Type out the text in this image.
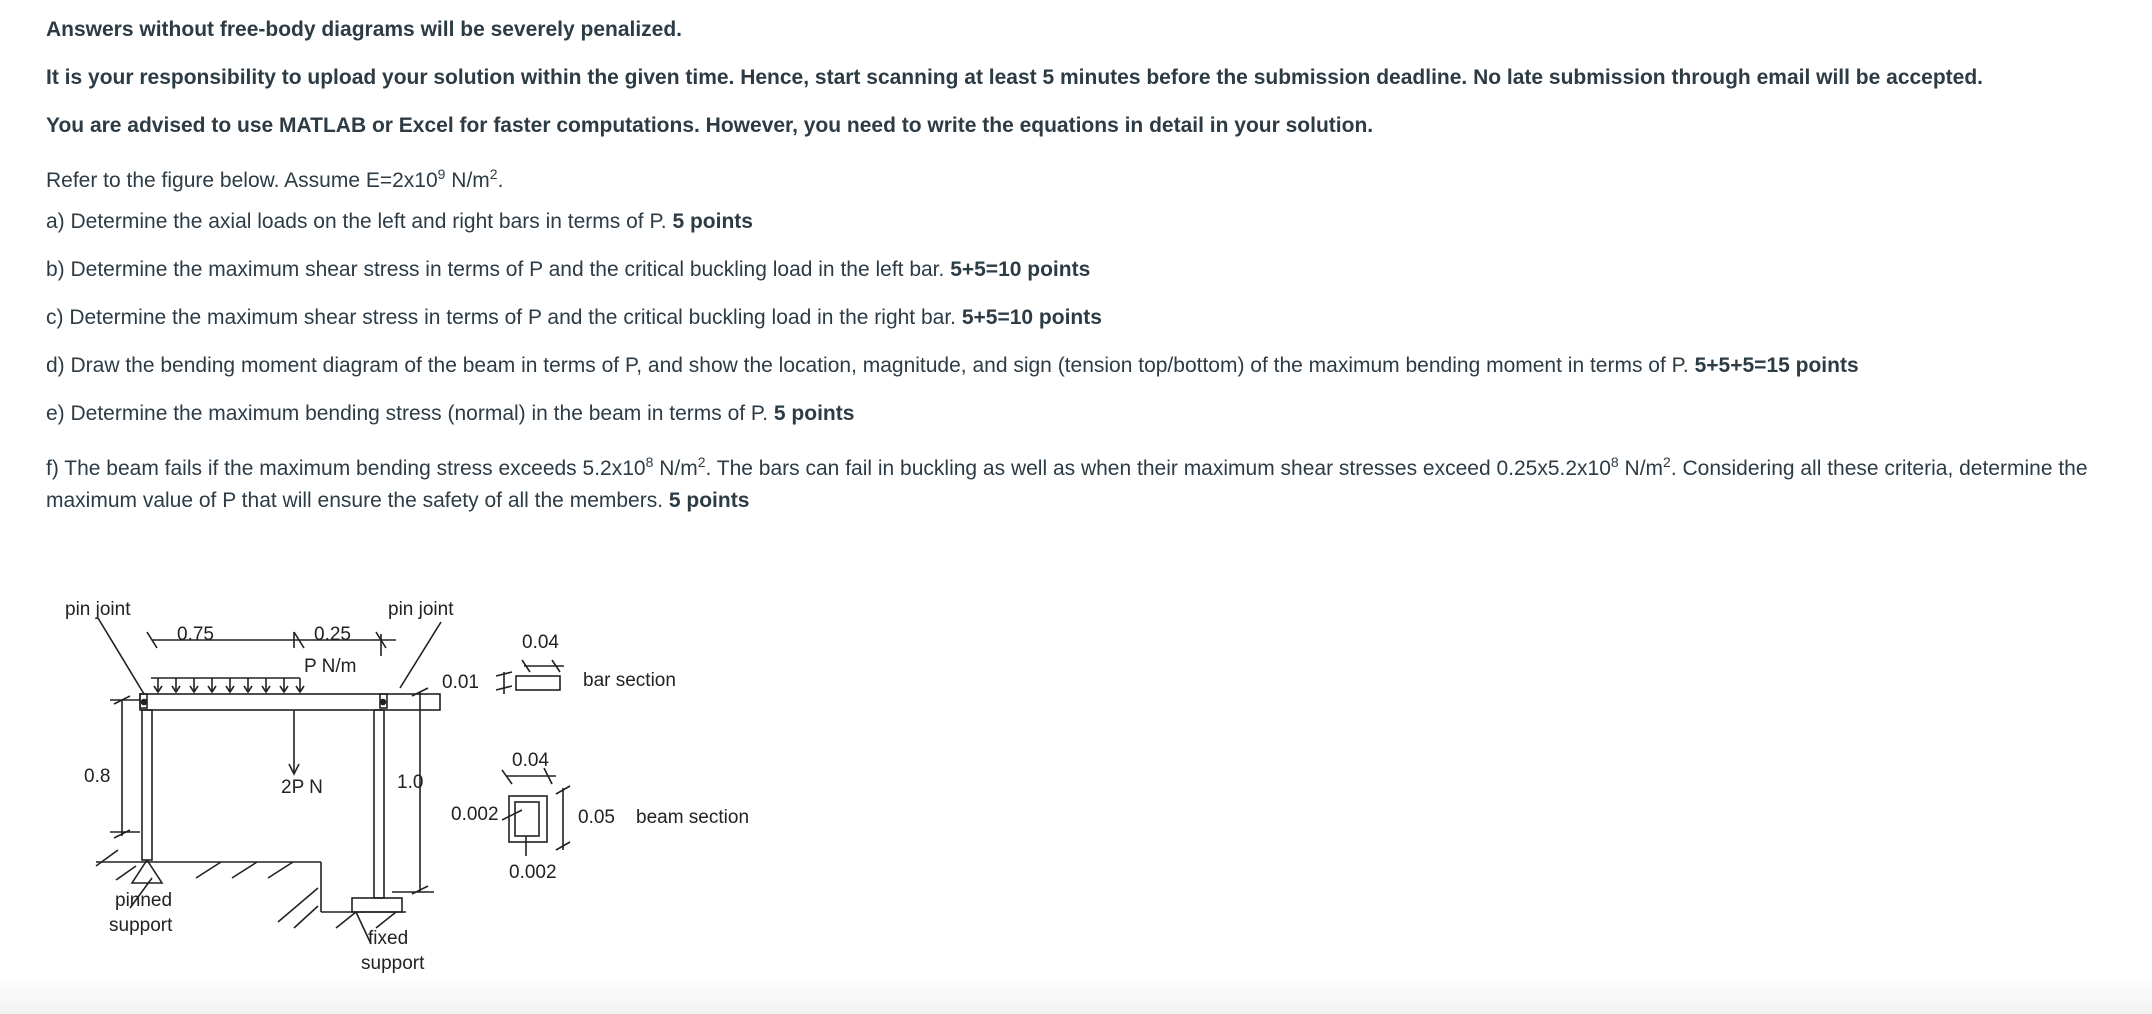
Answers without free-body diagrams will be severely penalized.

It is your responsibility to upload your solution within the given time. Hence, start scanning at least 5 minutes before the submission deadline. No late submission through email will be accepted.

You are advised to use MATLAB or Excel for faster computations. However, you need to write the equations in detail in your solution.

Refer to the figure below. Assume $E=2x10^9$ $N/m^2$.

a) Determine the axial loads on the left and right bars in terms of P. 5 points

b) Determine the maximum shear stress in terms of P and the critical buckling load in the left bar. 5+5=10 points

c) Determine the maximum shear stress in terms of P and the critical buckling load in the right bar. 5+5=10 points

d) Draw the bending moment diagram of the beam in terms of P, and show the location, magnitude, and sign (tension top/bottom) of the maximum bending moment in terms of P. 5+5+5=15 points

e) Determine the maximum bending stress (normal) in the beam in terms of P. 5 points

f) The beam fails if the maximum bending stress exceeds $5.2x10^8$ $N/m^2$. The bars can fail in buckling as well as when their maximum shear stresses exceed $0.25x5.2x10^8$ $N/m^2$. Considering all these criteria, determine the maximum value of P that will ensure the safety of all the members. 5 points

pin joint	pin joint
0.75	0.25
P N/m
0.8
2P N	1.0
pinned
support
fixed
support
0.04
0.01	bar section
0.04
0.05 beam section
0.002
0.002
